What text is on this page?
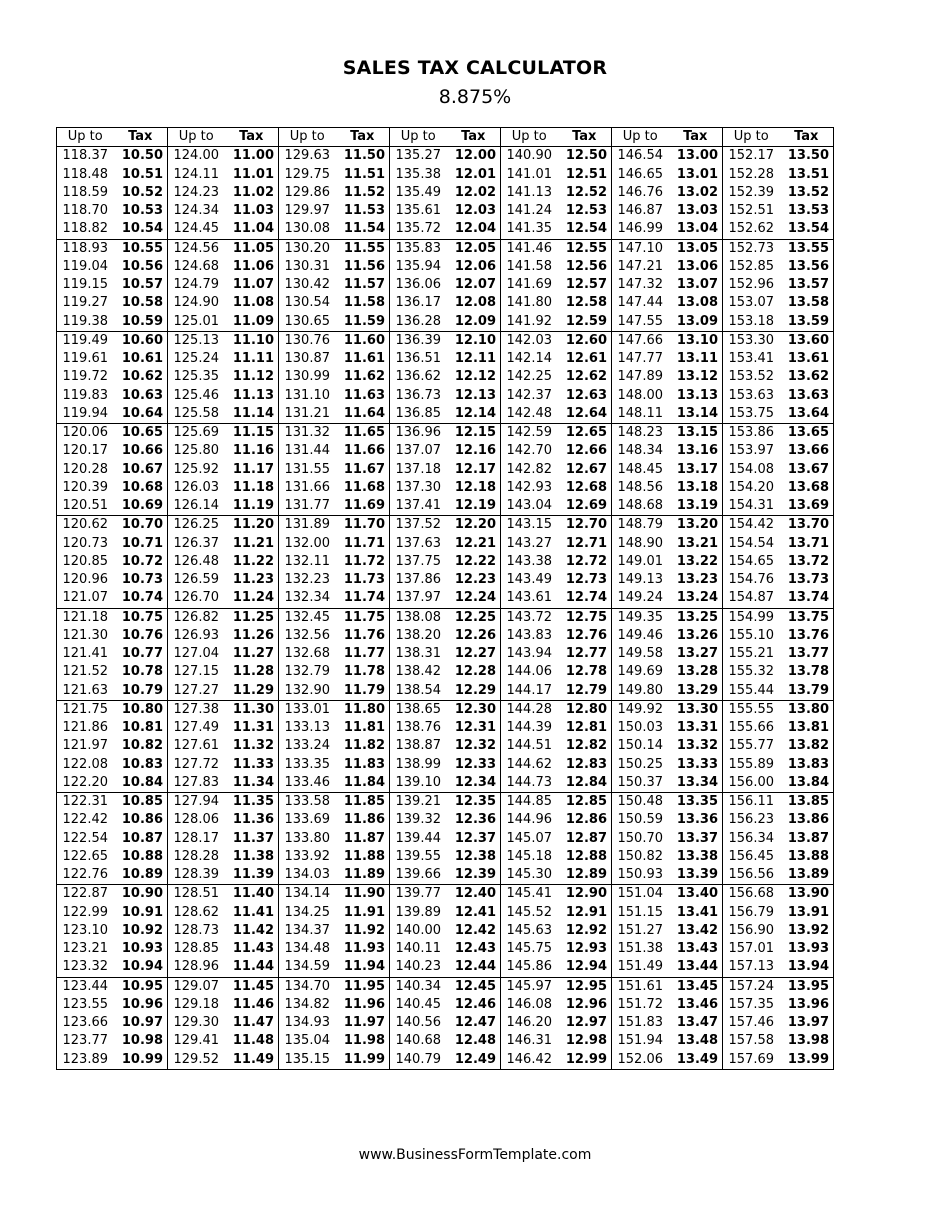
SALES TAX CALCULATOR
8.875%
Up to	Tax	Up to	Tax	Up to	Tax	Up to	Tax	Up to	Tax	Up to	Tax	Up to	Tax
118.37	10.50	124.00	11.00	129.63	11.50	135.27	12.00	140.90	12.50	146.54	13.00	152.17	13.50
118.48	10.51	124.11	11.01	129.75	11.51	135.38	12.01	141.01	12.51	146.65	13.01	152.28	13.51
118.59	10.52	124.23	11.02	129.86	11.52	135.49	12.02	141.13	12.52	146.76	13.02	152.39	13.52
118.70	10.53	124.34	11.03	129.97	11.53	135.61	12.03	141.24	12.53	146.87	13.03	152.51	13.53
118.82	10.54	124.45	11.04	130.08	11.54	135.72	12.04	141.35	12.54	146.99	13.04	152.62	13.54
118.93	10.55	124.56	11.05	130.20	11.55	135.83	12.05	141.46	12.55	147.10	13.05	152.73	13.55
119.04	10.56	124.68	11.06	130.31	11.56	135.94	12.06	141.58	12.56	147.21	13.06	152.85	13.56
119.15	10.57	124.79	11.07	130.42	11.57	136.06	12.07	141.69	12.57	147.32	13.07	152.96	13.57
119.27	10.58	124.90	11.08	130.54	11.58	136.17	12.08	141.80	12.58	147.44	13.08	153.07	13.58
119.38	10.59	125.01	11.09	130.65	11.59	136.28	12.09	141.92	12.59	147.55	13.09	153.18	13.59
119.49	10.60	125.13	11.10	130.76	11.60	136.39	12.10	142.03	12.60	147.66	13.10	153.30	13.60
119.61	10.61	125.24	11.11	130.87	11.61	136.51	12.11	142.14	12.61	147.77	13.11	153.41	13.61
119.72	10.62	125.35	11.12	130.99	11.62	136.62	12.12	142.25	12.62	147.89	13.12	153.52	13.62
119.83	10.63	125.46	11.13	131.10	11.63	136.73	12.13	142.37	12.63	148.00	13.13	153.63	13.63
119.94	10.64	125.58	11.14	131.21	11.64	136.85	12.14	142.48	12.64	148.11	13.14	153.75	13.64
120.06	10.65	125.69	11.15	131.32	11.65	136.96	12.15	142.59	12.65	148.23	13.15	153.86	13.65
120.17	10.66	125.80	11.16	131.44	11.66	137.07	12.16	142.70	12.66	148.34	13.16	153.97	13.66
120.28	10.67	125.92	11.17	131.55	11.67	137.18	12.17	142.82	12.67	148.45	13.17	154.08	13.67
120.39	10.68	126.03	11.18	131.66	11.68	137.30	12.18	142.93	12.68	148.56	13.18	154.20	13.68
120.51	10.69	126.14	11.19	131.77	11.69	137.41	12.19	143.04	12.69	148.68	13.19	154.31	13.69
120.62	10.70	126.25	11.20	131.89	11.70	137.52	12.20	143.15	12.70	148.79	13.20	154.42	13.70
120.73	10.71	126.37	11.21	132.00	11.71	137.63	12.21	143.27	12.71	148.90	13.21	154.54	13.71
120.85	10.72	126.48	11.22	132.11	11.72	137.75	12.22	143.38	12.72	149.01	13.22	154.65	13.72
120.96	10.73	126.59	11.23	132.23	11.73	137.86	12.23	143.49	12.73	149.13	13.23	154.76	13.73
121.07	10.74	126.70	11.24	132.34	11.74	137.97	12.24	143.61	12.74	149.24	13.24	154.87	13.74
121.18	10.75	126.82	11.25	132.45	11.75	138.08	12.25	143.72	12.75	149.35	13.25	154.99	13.75
121.30	10.76	126.93	11.26	132.56	11.76	138.20	12.26	143.83	12.76	149.46	13.26	155.10	13.76
121.41	10.77	127.04	11.27	132.68	11.77	138.31	12.27	143.94	12.77	149.58	13.27	155.21	13.77
121.52	10.78	127.15	11.28	132.79	11.78	138.42	12.28	144.06	12.78	149.69	13.28	155.32	13.78
121.63	10.79	127.27	11.29	132.90	11.79	138.54	12.29	144.17	12.79	149.80	13.29	155.44	13.79
121.75	10.80	127.38	11.30	133.01	11.80	138.65	12.30	144.28	12.80	149.92	13.30	155.55	13.80
121.86	10.81	127.49	11.31	133.13	11.81	138.76	12.31	144.39	12.81	150.03	13.31	155.66	13.81
121.97	10.82	127.61	11.32	133.24	11.82	138.87	12.32	144.51	12.82	150.14	13.32	155.77	13.82
122.08	10.83	127.72	11.33	133.35	11.83	138.99	12.33	144.62	12.83	150.25	13.33	155.89	13.83
122.20	10.84	127.83	11.34	133.46	11.84	139.10	12.34	144.73	12.84	150.37	13.34	156.00	13.84
122.31	10.85	127.94	11.35	133.58	11.85	139.21	12.35	144.85	12.85	150.48	13.35	156.11	13.85
122.42	10.86	128.06	11.36	133.69	11.86	139.32	12.36	144.96	12.86	150.59	13.36	156.23	13.86
122.54	10.87	128.17	11.37	133.80	11.87	139.44	12.37	145.07	12.87	150.70	13.37	156.34	13.87
122.65	10.88	128.28	11.38	133.92	11.88	139.55	12.38	145.18	12.88	150.82	13.38	156.45	13.88
122.76	10.89	128.39	11.39	134.03	11.89	139.66	12.39	145.30	12.89	150.93	13.39	156.56	13.89
122.87	10.90	128.51	11.40	134.14	11.90	139.77	12.40	145.41	12.90	151.04	13.40	156.68	13.90
122.99	10.91	128.62	11.41	134.25	11.91	139.89	12.41	145.52	12.91	151.15	13.41	156.79	13.91
123.10	10.92	128.73	11.42	134.37	11.92	140.00	12.42	145.63	12.92	151.27	13.42	156.90	13.92
123.21	10.93	128.85	11.43	134.48	11.93	140.11	12.43	145.75	12.93	151.38	13.43	157.01	13.93
123.32	10.94	128.96	11.44	134.59	11.94	140.23	12.44	145.86	12.94	151.49	13.44	157.13	13.94
123.44	10.95	129.07	11.45	134.70	11.95	140.34	12.45	145.97	12.95	151.61	13.45	157.24	13.95
123.55	10.96	129.18	11.46	134.82	11.96	140.45	12.46	146.08	12.96	151.72	13.46	157.35	13.96
123.66	10.97	129.30	11.47	134.93	11.97	140.56	12.47	146.20	12.97	151.83	13.47	157.46	13.97
123.77	10.98	129.41	11.48	135.04	11.98	140.68	12.48	146.31	12.98	151.94	13.48	157.58	13.98
123.89	10.99	129.52	11.49	135.15	11.99	140.79	12.49	146.42	12.99	152.06	13.49	157.69	13.99
www.BusinessFormTemplate.com
